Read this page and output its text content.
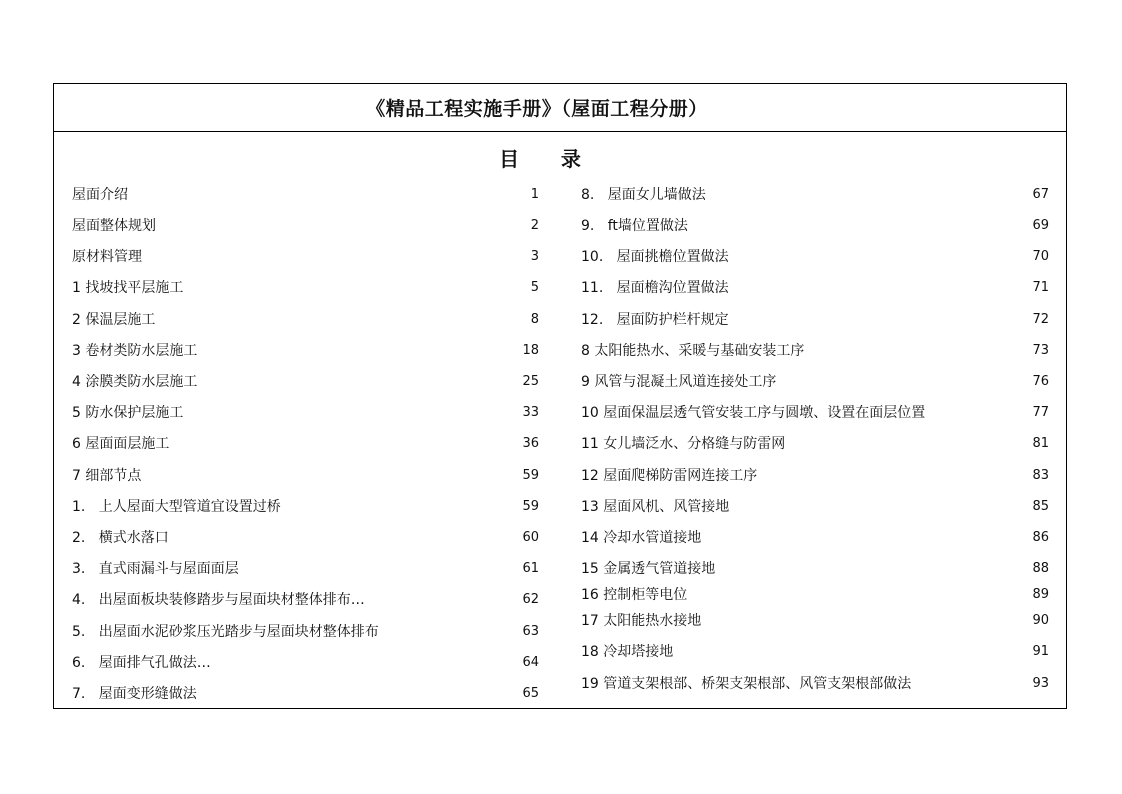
《精品工程实施手册》（屋面工程分册）
目      录
屋面介绍	1
屋面整体规划	2
原材料管理	3
1 找坡找平层施工	5
2 保温层施工	8
3 卷材类防水层施工	18
4 涂膜类防水层施工	25
5 防水保护层施工	33
6 屋面面层施工	36
7 细部节点	59
1.   上人屋面大型管道宜设置过桥	59
2.   横式水落口	60
3.   直式雨漏斗与屋面面层	61
4.   出屋面板块装修踏步与屋面块材整体排布…	62
5.   出屋面水泥砂浆压光踏步与屋面块材整体排布	63
6.   屋面排气孔做法…	64
7.   屋面变形缝做法	65
8.   屋面女儿墙做法	67
9.   ft墙位置做法	69
10.   屋面挑檐位置做法	70
11.   屋面檐沟位置做法	71
12.   屋面防护栏杆规定	72
8 太阳能热水、采暖与基础安装工序	73
9 风管与混凝土风道连接处工序	76
10 屋面保温层透气管安装工序与圆墩、设置在面层位置	77
11 女儿墙泛水、分格缝与防雷网	81
12 屋面爬梯防雷网连接工序	83
13 屋面风机、风管接地	85
14 冷却水管道接地	86
15 金属透气管道接地	88
16 控制柜等电位	89
17 太阳能热水接地	90
18 冷却塔接地	91
19 管道支架根部、桥架支架根部、风管支架根部做法	93
